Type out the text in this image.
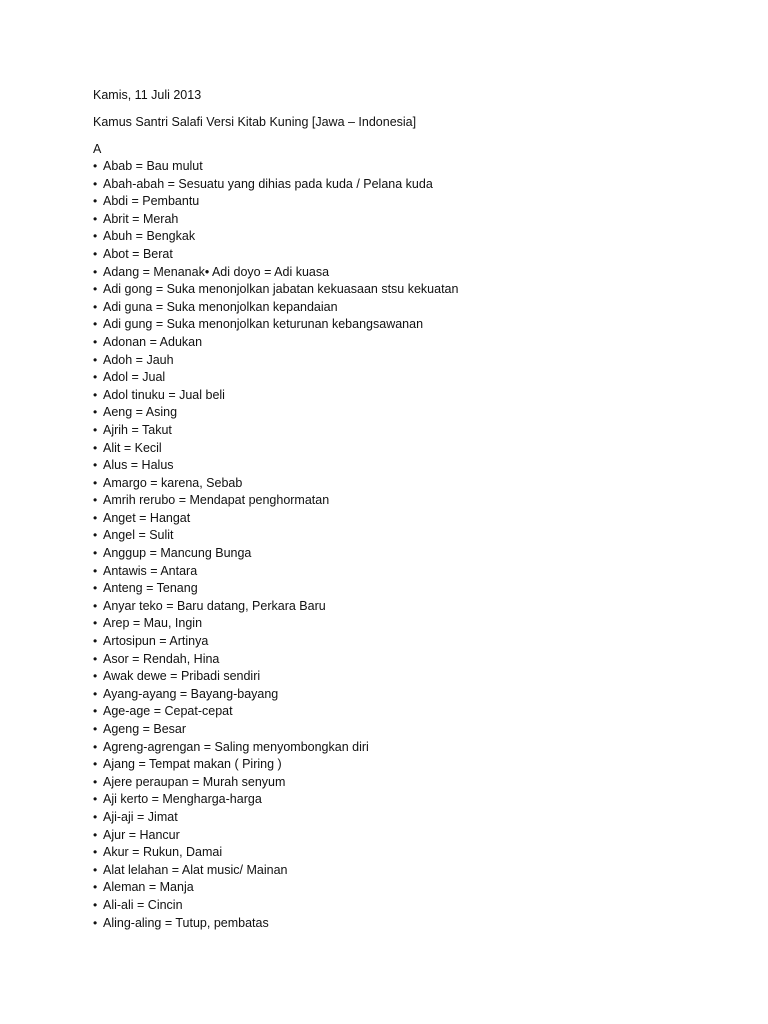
Kamis, 11 Juli 2013

Kamus Santri Salafi Versi Kitab Kuning [Jawa – Indonesia]

A

• Abab = Bau mulut
• Abah-abah = Sesuatu yang dihias pada kuda / Pelana kuda
• Abdi = Pembantu
• Abrit = Merah
• Abuh = Bengkak
• Abot = Berat
• Adang = Menanak• Adi doyo = Adi kuasa
• Adi gong = Suka menonjolkan jabatan kekuasaan stsu kekuatan
• Adi guna = Suka menonjolkan kepandaian
• Adi gung = Suka menonjolkan keturunan kebangsawanan
• Adonan = Adukan
• Adoh = Jauh
• Adol = Jual
• Adol tinuku = Jual beli
• Aeng = Asing
• Ajrih = Takut
• Alit = Kecil
• Alus = Halus
• Amargo = karena, Sebab
• Amrih rerubo = Mendapat penghormatan
• Anget = Hangat
• Angel = Sulit
• Anggup = Mancung Bunga
• Antawis = Antara
• Anteng = Tenang
• Anyar teko = Baru datang, Perkara Baru
• Arep = Mau, Ingin
• Artosipun = Artinya
• Asor = Rendah, Hina
• Awak dewe = Pribadi sendiri
• Ayang-ayang = Bayang-bayang
• Age-age = Cepat-cepat
• Ageng = Besar
• Agreng-agrengan = Saling menyombongkan diri
• Ajang = Tempat makan ( Piring )
• Ajere peraupan = Murah senyum
• Aji kerto = Mengharga-harga
• Aji-aji = Jimat
• Ajur = Hancur
• Akur = Rukun, Damai
• Alat lelahan = Alat music/ Mainan
• Aleman = Manja
• Ali-ali = Cincin
• Aling-aling = Tutup, pembatas
